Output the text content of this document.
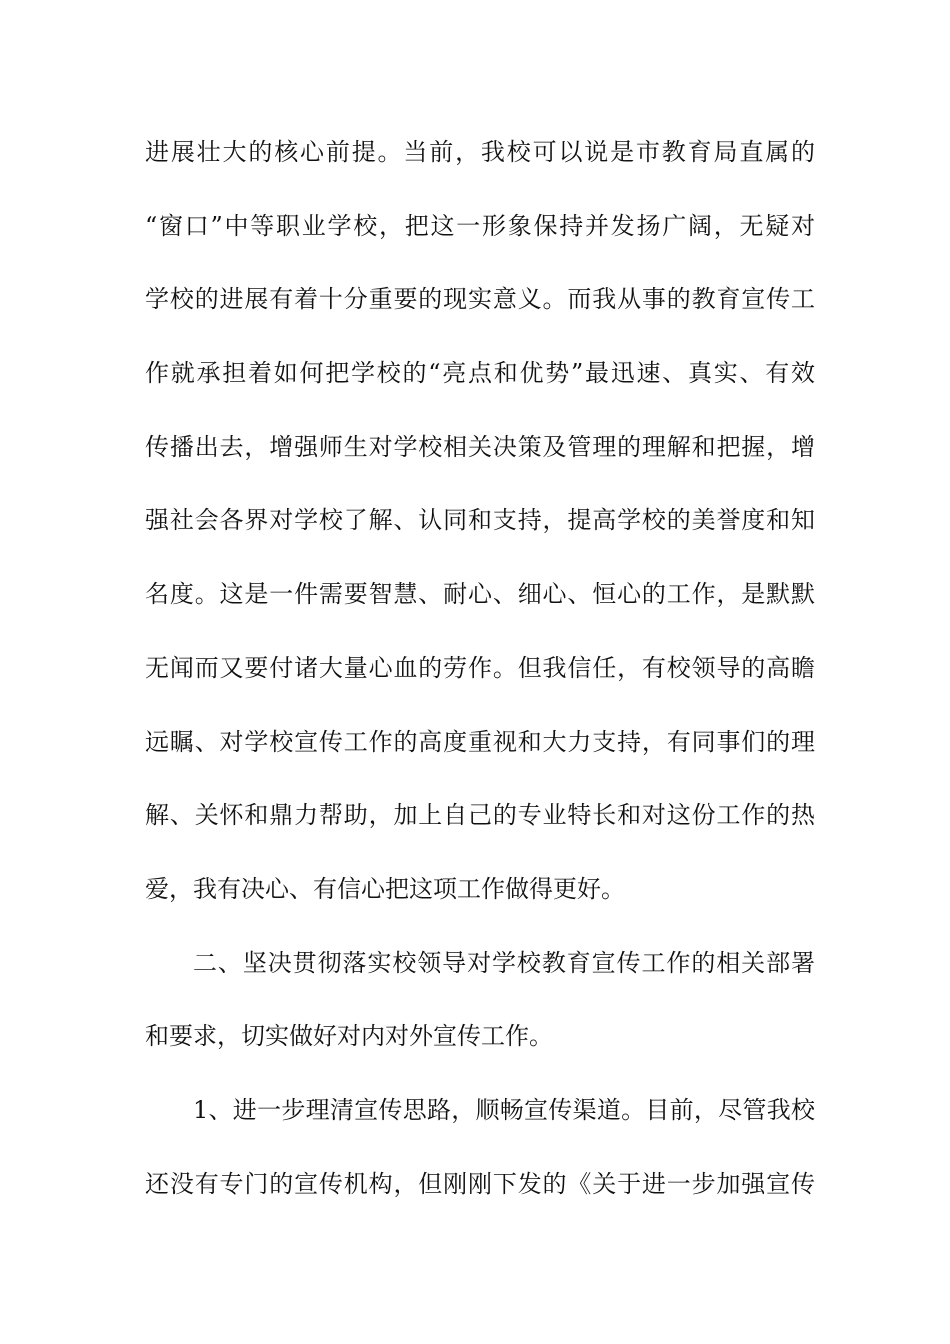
进展壮大的核心前提。当前，我校可以说是市教育局直属的
“窗口”中等职业学校，把这一形象保持并发扬广阔，无疑对
学校的进展有着十分重要的现实意义。而我从事的教育宣传工
作就承担着如何把学校的“亮点和优势”最迅速、真实、有效
传播出去，增强师生对学校相关决策及管理的理解和把握，增
强社会各界对学校了解、认同和支持，提高学校的美誉度和知
名度。这是一件需要智慧、耐心、细心、恒心的工作，是默默
无闻而又要付诸大量心血的劳作。但我信任，有校领导的高瞻
远瞩、对学校宣传工作的高度重视和大力支持，有同事们的理
解、关怀和鼎力帮助，加上自己的专业特长和对这份工作的热
爱，我有决心、有信心把这项工作做得更好。
二、坚决贯彻落实校领导对学校教育宣传工作的相关部署
和要求，切实做好对内对外宣传工作。
1、进一步理清宣传思路，顺畅宣传渠道。目前，尽管我校
还没有专门的宣传机构，但刚刚下发的《关于进一步加强宣传
